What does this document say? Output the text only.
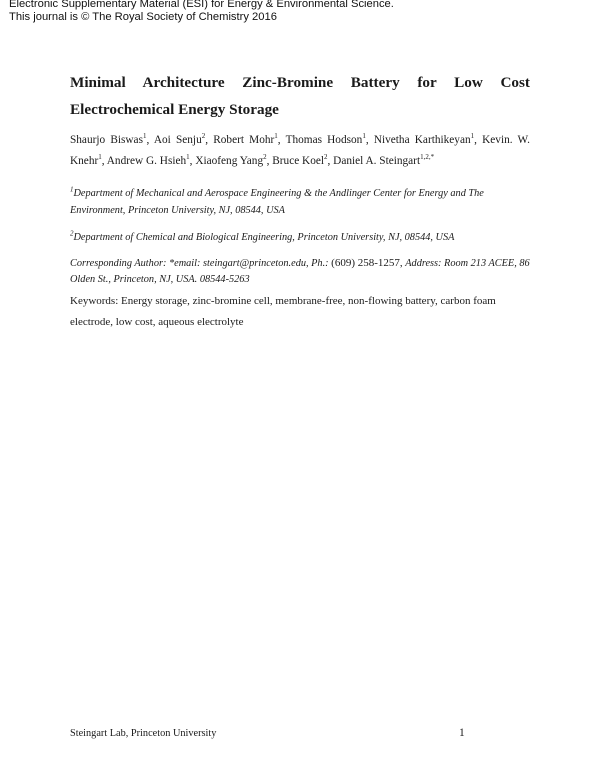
Electronic Supplementary Material (ESI) for Energy & Environmental Science.
This journal is © The Royal Society of Chemistry 2016
Minimal Architecture Zinc-Bromine Battery for Low Cost
Electrochemical Energy Storage
Shaurjo Biswas$^1$, Aoi Senju$^2$, Robert Mohr$^1$, Thomas Hodson$^1$, Nivetha Karthikeyan$^1$, Kevin. W.
Knehr$^1$, Andrew G. Hsieh$^1$, Xiaofeng Yang$^2$, Bruce Koel$^2$, Daniel A. Steingart$^{1,2,*}$
$^1$Department of Mechanical and Aerospace Engineering & the Andlinger Center for Energy and The Environment, Princeton University, NJ, 08544, USA
$^2$Department of Chemical and Biological Engineering, Princeton University, NJ, 08544, USA
Corresponding Author: *email: steingart@princeton.edu, Ph.: (609) 258-1257, Address: Room 213 ACEE, 86 Olden St., Princeton, NJ, USA. 08544-5263
Keywords: Energy storage, zinc-bromine cell, membrane-free, non-flowing battery, carbon foam electrode, low cost, aqueous electrolyte
Steingart Lab, Princeton University	1
